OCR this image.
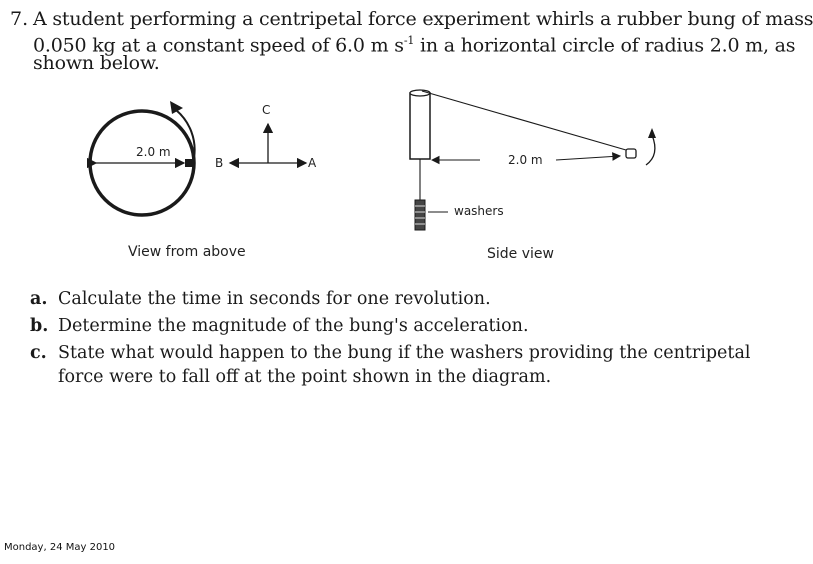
7. A student performing a centripetal force experiment whirls a rubber bung of mass
0.050 kg at a constant speed of 6.0 m $s^{-1}$ in a horizontal circle of radius 2.0 m, as
shown below.
2.0 m
B	A
C
View from above
2.0 m
washers
Side view
a. Calculate the time in seconds for one revolution.
b. Determine the magnitude of the bung's acceleration.
c. State what would happen to the bung if the washers providing the centripetal
force were to fall off at the point shown in the diagram.
Monday, 24 May 2010
